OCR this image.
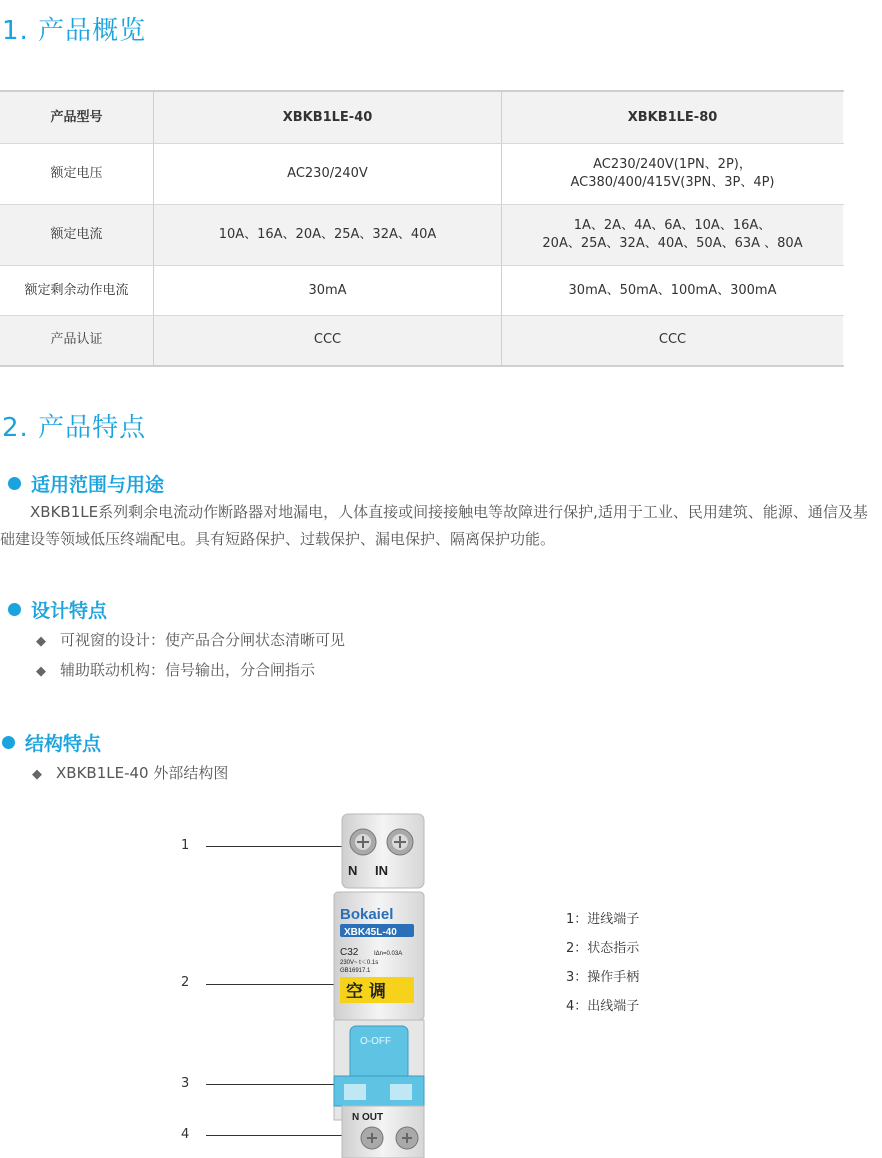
1. 产品概览
产品型号	XBKB1LE-40	XBKB1LE-80
额定电压	AC230/240V	AC230/240V(1PN、2P)，
AC380/400/415V(3PN、3P、4P)

额定电流	10A、16A、20A、25A、32A、40A	1A、2A、4A、6A、10A、16A、
20A、25A、32A、40A、50A、63A 、80A

额定剩余动作电流	30mA	30mA、50mA、100mA、300mA
产品认证	CCC	CCC
2. 产品特点
适用范围与用途

XBKB1LE系列剩余电流动作断路器对地漏电，人体直接或间接接触电等故障进行保护,适用于工业、民用建筑、能源、通信及基础建设等领域低压终端配电。具有短路保护、过载保护、漏电保护、隔离保护功能。

设计特点
◆ 可视窗的设计：使产品合分闸状态清晰可见
◆ 辅助联动机构：信号输出，分合闸指示
结构特点
◆ XBKB1LE-40 外部结构图
1
2
3
4
N IN
Bokaiel
XBK45L-40
C32	IΔn=0.03A
230V~ t＜0.1s
GB16917.1
空 调
O-OFF
N OUT
1：进线端子
2：状态指示
3：操作手柄
4：出线端子
